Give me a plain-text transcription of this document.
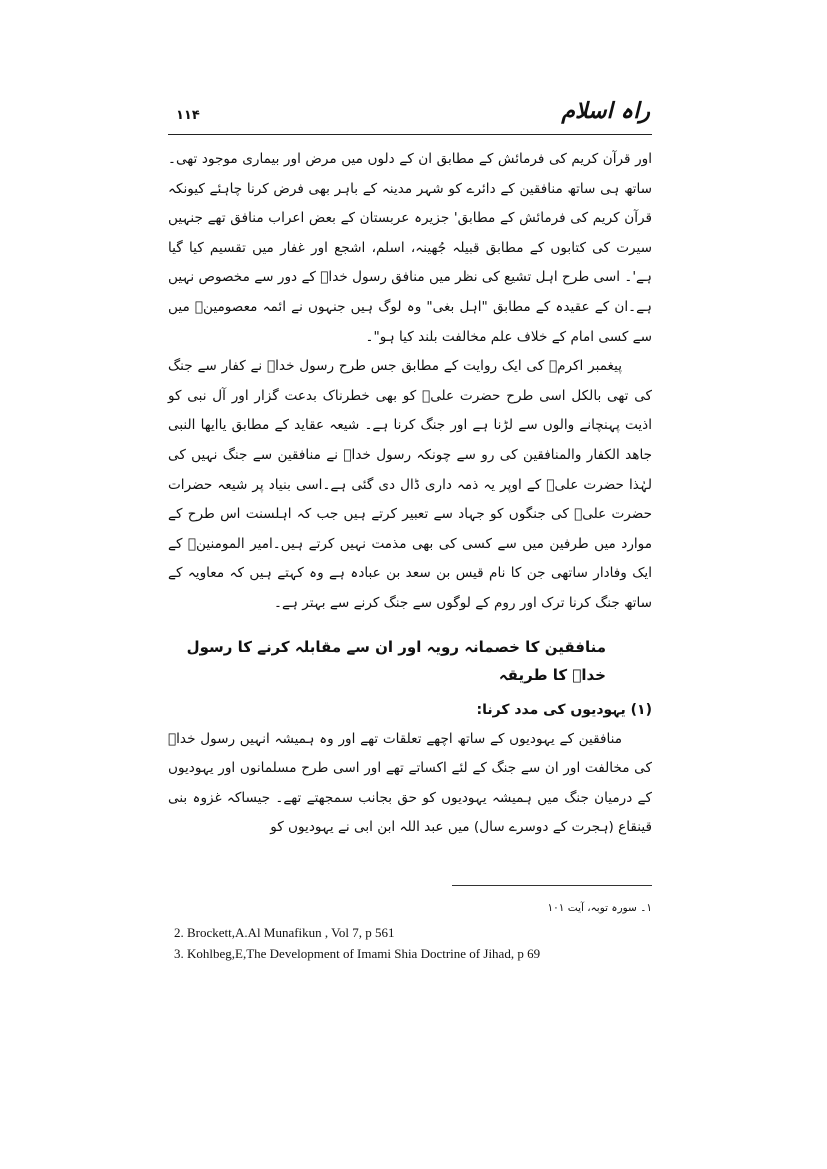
راہ اسلام
۱۱۴

اور قرآن کریم کی فرمائش کے مطابق ان کے دلوں میں مرض اور بیماری موجود تھی۔ ساتھ ہی ساتھ منافقین کے دائرے کو شہر مدینہ کے باہر بھی فرض کرنا چاہئے کیونکہ قرآن کریم کی فرمائش کے مطابق' جزیرہ عربستان کے بعض اعراب منافق تھے جنہیں سیرت کی کتابوں کے مطابق قبیلہ جُھینہ، اسلم، اشجع اور غفار میں تقسیم کیا گیا ہے'۔ اسی طرح اہل تشیع کی نظر میں منافق رسول خداؐ کے دور سے مخصوص نہیں ہے۔ان کے عقیدہ کے مطابق "اہل بغی" وہ لوگ ہیں جنہوں نے ائمہ معصومینؑ میں سے کسی امام کے خلاف علم مخالفت بلند کیا ہو"۔

پیغمبر اکرمؐ کی ایک روایت کے مطابق جس طرح رسول خداؐ نے کفار سے جنگ کی تھی بالکل اسی طرح حضرت علیؑ کو بھی خطرناک بدعت گزار اور آل نبی کو اذیت پہنچانے والوں سے لڑنا ہے اور جنگ کرنا ہے۔ شیعہ عقاید کے مطابق یاایھا النبی جاھد الکفار والمنافقین کی رو سے چونکہ رسول خداؐ نے منافقین سے جنگ نہیں کی لہٰذا حضرت علیؑ کے اوپر یہ ذمہ داری ڈال دی گئی ہے۔اسی بنیاد پر شیعہ حضرات حضرت علیؑ کی جنگوں کو جہاد سے تعبیر کرتے ہیں جب کہ اہلسنت اس طرح کے موارد میں طرفین میں سے کسی کی بھی مذمت نہیں کرتے ہیں۔امیر المومنینؑ کے ایک وفادار ساتھی جن کا نام قیس بن سعد بن عبادہ ہے وہ کہتے ہیں کہ معاویہ کے ساتھ جنگ کرنا ترک اور روم کے لوگوں سے جنگ کرنے سے بہتر ہے۔

منافقین کا خصمانہ رویہ اور ان سے مقابلہ کرنے کا رسول خداؐ کا طریقہ
(۱) یہودیوں کی مدد کرنا:

منافقین کے یہودیوں کے ساتھ اچھے تعلقات تھے اور وہ ہمیشہ انہیں رسول خداؐ کی مخالفت اور ان سے جنگ کے لئے اکساتے تھے اور اسی طرح مسلمانوں اور یہودیوں کے درمیان جنگ میں ہمیشہ یہودیوں کو حق بجانب سمجھتے تھے۔ جیساکہ غزوہ بنی قینقاع (ہجرت کے دوسرے سال) میں عبد اللہ ابن ابی نے یہودیوں کو

۱۔ سورہ توبہ، آیت ۱۰۱
2. Brockett,A.Al Munafikun , Vol 7, p 561
3. Kohlbeg,E,The Development of Imami Shia Doctrine of Jihad, p 69
